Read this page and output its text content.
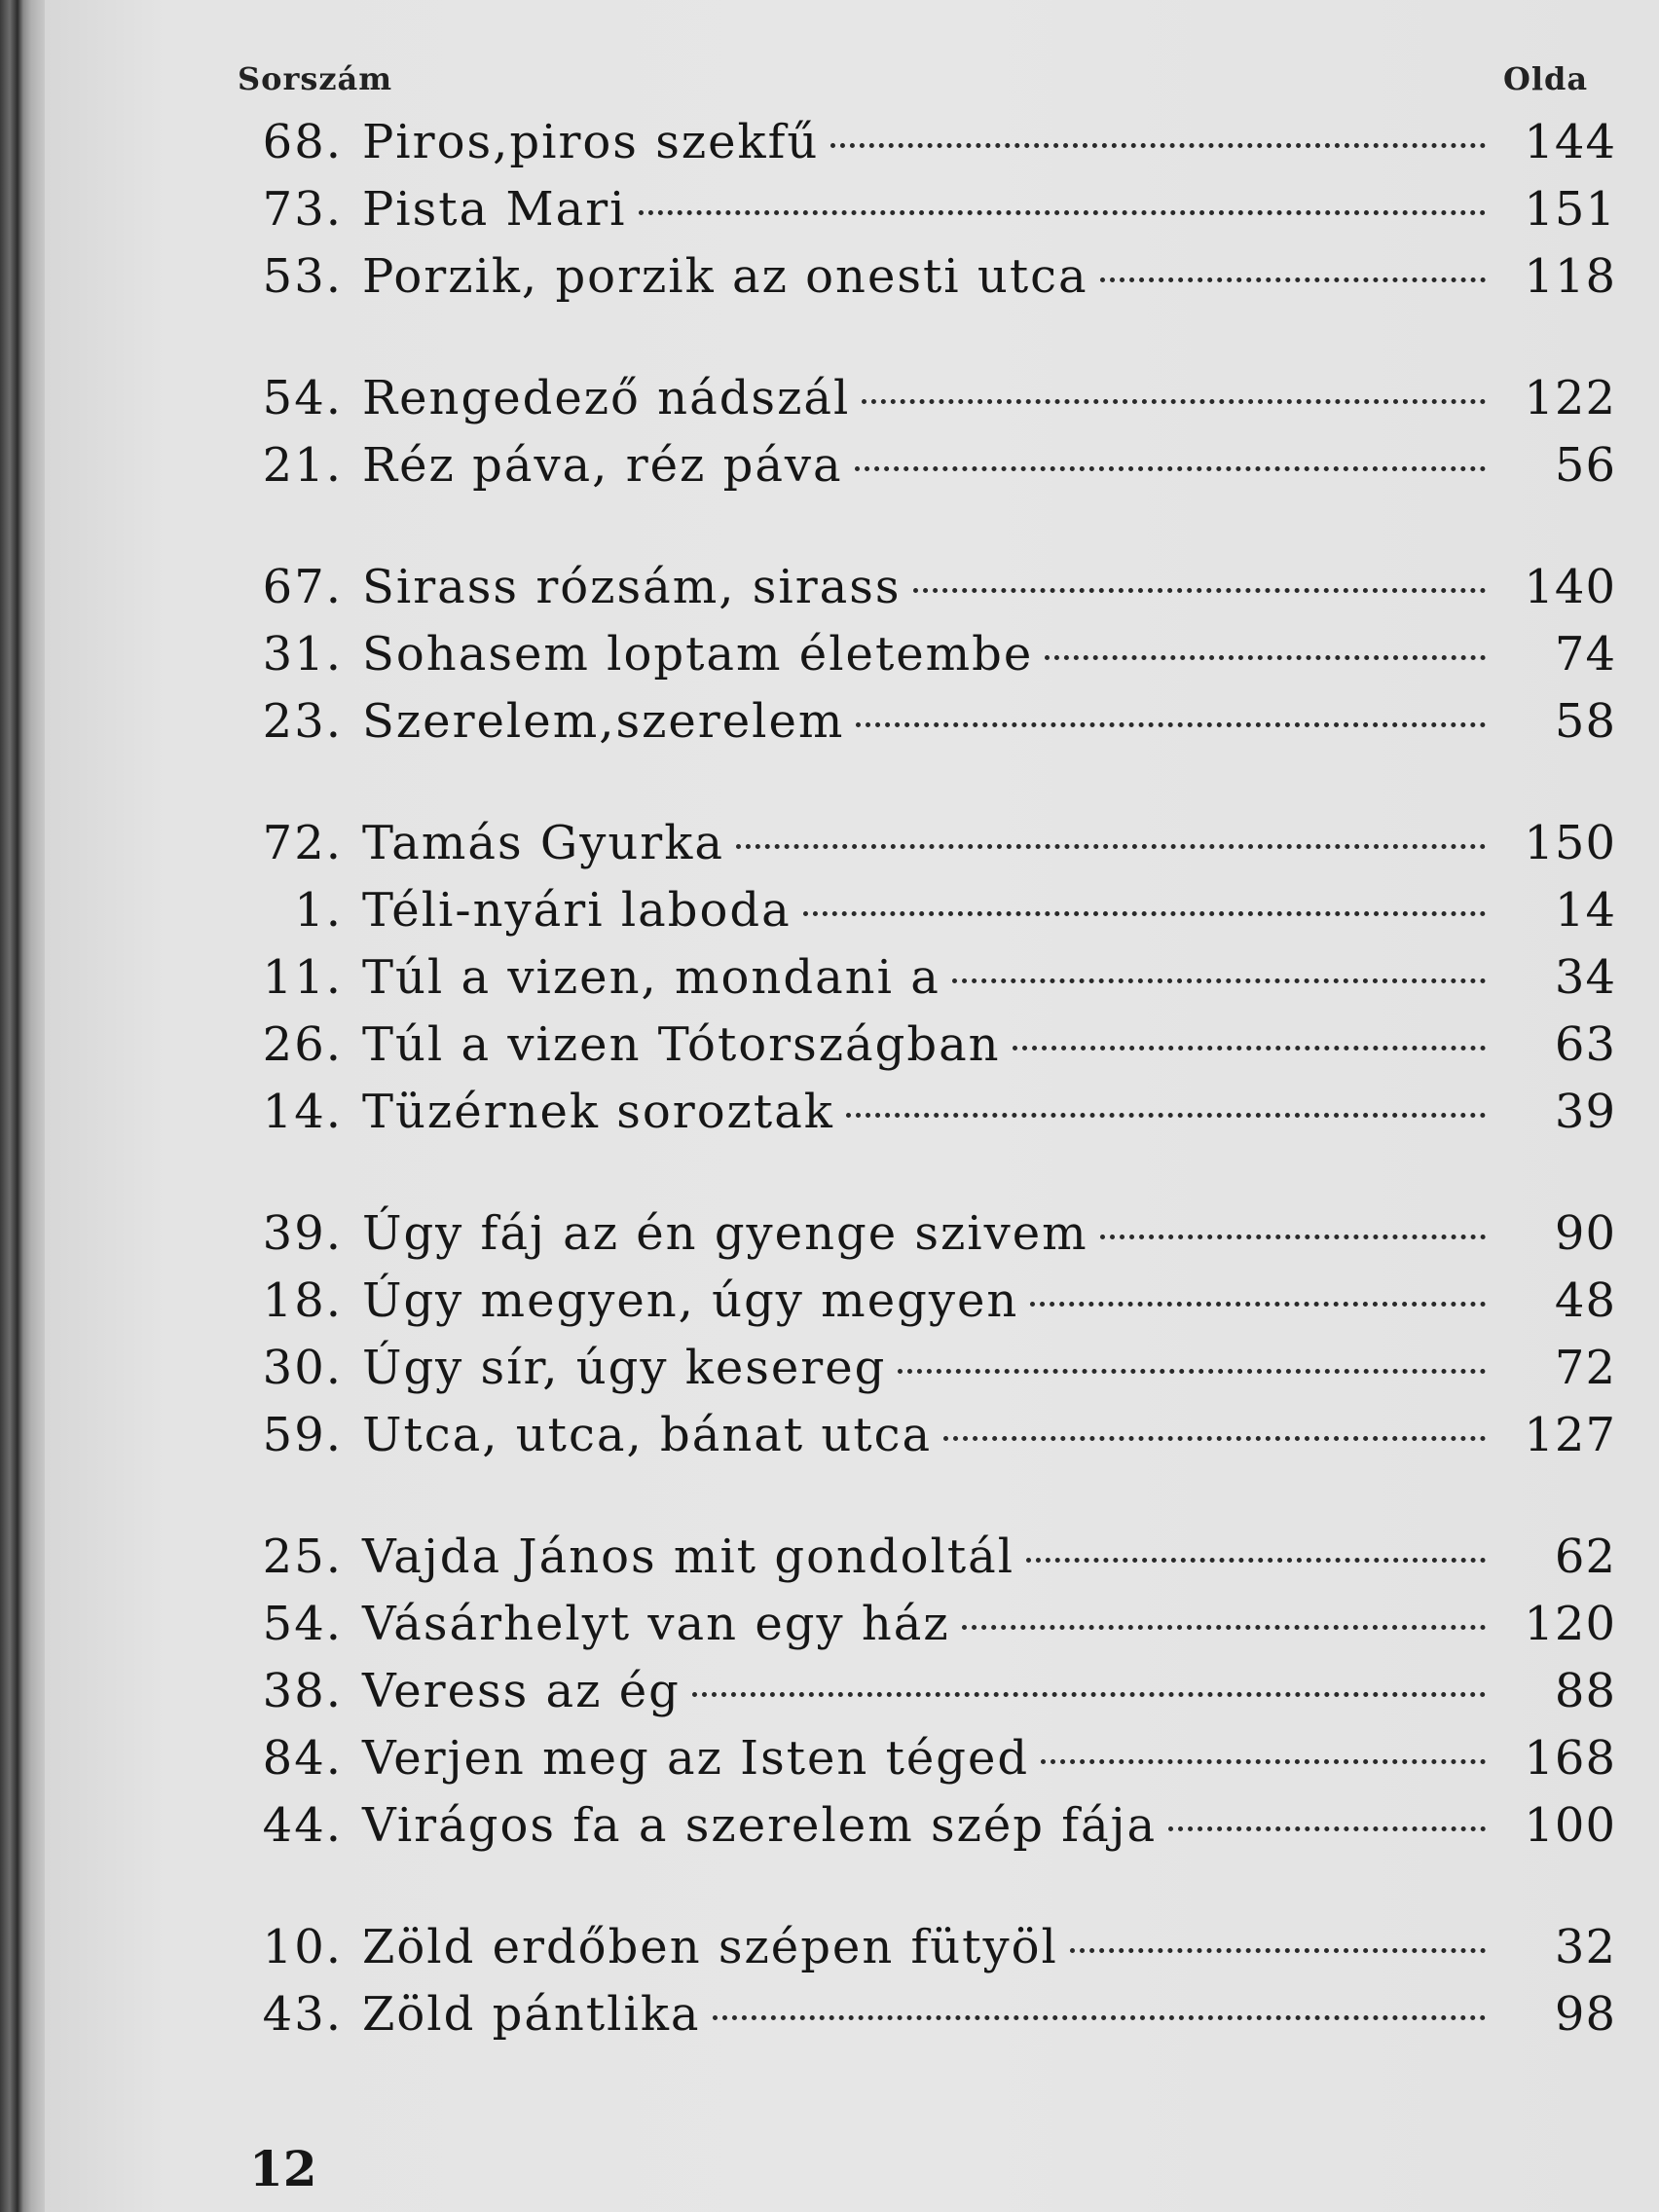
Sorszám	Olda
68. Piros,piros szekfű	144
73. Pista Mari	151
53. Porzik, porzik az onesti utca	118
54. Rengedező nádszál	122
21. Réz páva, réz páva	56
67. Sirass rózsám, sirass	140
31. Sohasem loptam életembe	74
23. Szerelem,szerelem	58
72. Tamás Gyurka	150
1. Téli-nyári laboda	14
11. Túl a vizen, mondani a	34
26. Túl a vizen Tótországban	63
14. Tüzérnek soroztak	39
39. Úgy fáj az én gyenge szivem	90
18. Úgy megyen, úgy megyen	48
30. Úgy sír, úgy kesereg	72
59. Utca, utca, bánat utca	127
25. Vajda János mit gondoltál	62
54. Vásárhelyt van egy ház	120
38. Veress az ég	88
84. Verjen meg az Isten téged	168
44. Virágos fa a szerelem szép fája	100
10. Zöld erdőben szépen fütyöl	32
43. Zöld pántlika	98
12
